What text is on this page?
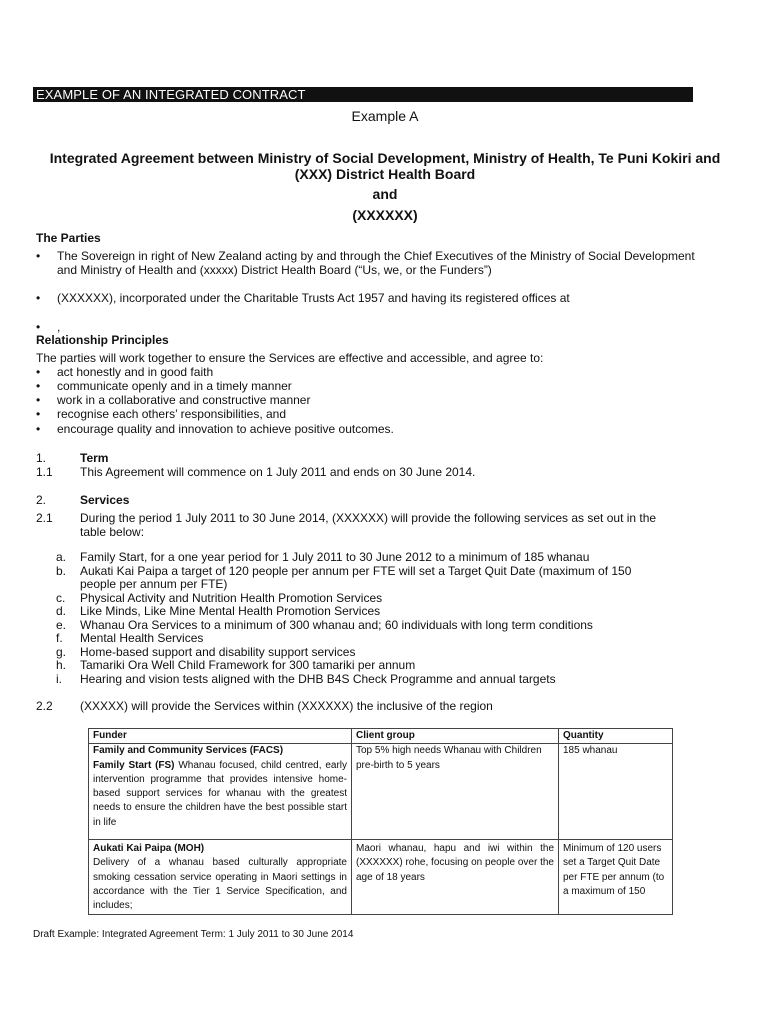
EXAMPLE OF AN INTEGRATED CONTRACT
Example A
Integrated Agreement between Ministry of Social Development, Ministry of Health, Te Puni Kokiri and
(XXX) District Health Board
and
(XXXXXX)
The Parties
• The Sovereign in right of New Zealand acting by and through the Chief Executives of the Ministry of Social Development
and Ministry of Health and (xxxxx) District Health Board (“Us, we, or the Funders”)
• (XXXXXX), incorporated under the Charitable Trusts Act 1957 and having its registered offices at
• ,
Relationship Principles
The parties will work together to ensure the Services are effective and accessible, and agree to:
• act honestly and in good faith
• communicate openly and in a timely manner
• work in a collaborative and constructive manner
• recognise each others’ responsibilities, and
• encourage quality and innovation to achieve positive outcomes.
1.	Term
1.1 This Agreement will commence on 1 July 2011 and ends on 30 June 2014.
2.	Services
2.1 During the period 1 July 2011 to 30 June 2014, (XXXXXX) will provide the following services as set out in the
table below:
a. Family Start, for a one year period for 1 July 2011 to 30 June 2012 to a minimum of 185 whanau
b. Aukati Kai Paipa a target of 120 people per annum per FTE will set a Target Quit Date (maximum of 150
people per annum per FTE)
c. Physical Activity and Nutrition Health Promotion Services
d. Like Minds, Like Mine Mental Health Promotion Services
e. Whanau Ora Services to a minimum of 300 whanau and; 60 individuals with long term conditions
f. Mental Health Services
g. Home-based support and disability support services
h. Tamariki Ora Well Child Framework for 300 tamariki per annum
i. Hearing and vision tests aligned with the DHB B4S Check Programme and annual targets
2.2 (XXXXX) will provide the Services within (XXXXXX) the inclusive of the region
Funder	Client group	Quantity

Family and Community Services (FACS)
Family Start (FS) Whanau focused, child centred, early intervention programme that provides intensive home-based support services for whanau with the greatest needs to ensure the children have the best possible start in life	Top 5% high needs Whanau with Children pre-birth to 5 years	185 whanau

Aukati Kai Paipa (MOH)
Delivery of a whanau based culturally appropriate smoking cessation service operating in Maori settings in accordance with the Tier 1 Service Specification, and includes;	Maori whanau, hapu and iwi within the (XXXXXX) rohe, focusing on people over the age of 18 years	Minimum of 120 users set a Target Quit Date per FTE per annum (to a maximum of 150
Draft Example: Integrated Agreement Term: 1 July 2011 to 30 June 2014
